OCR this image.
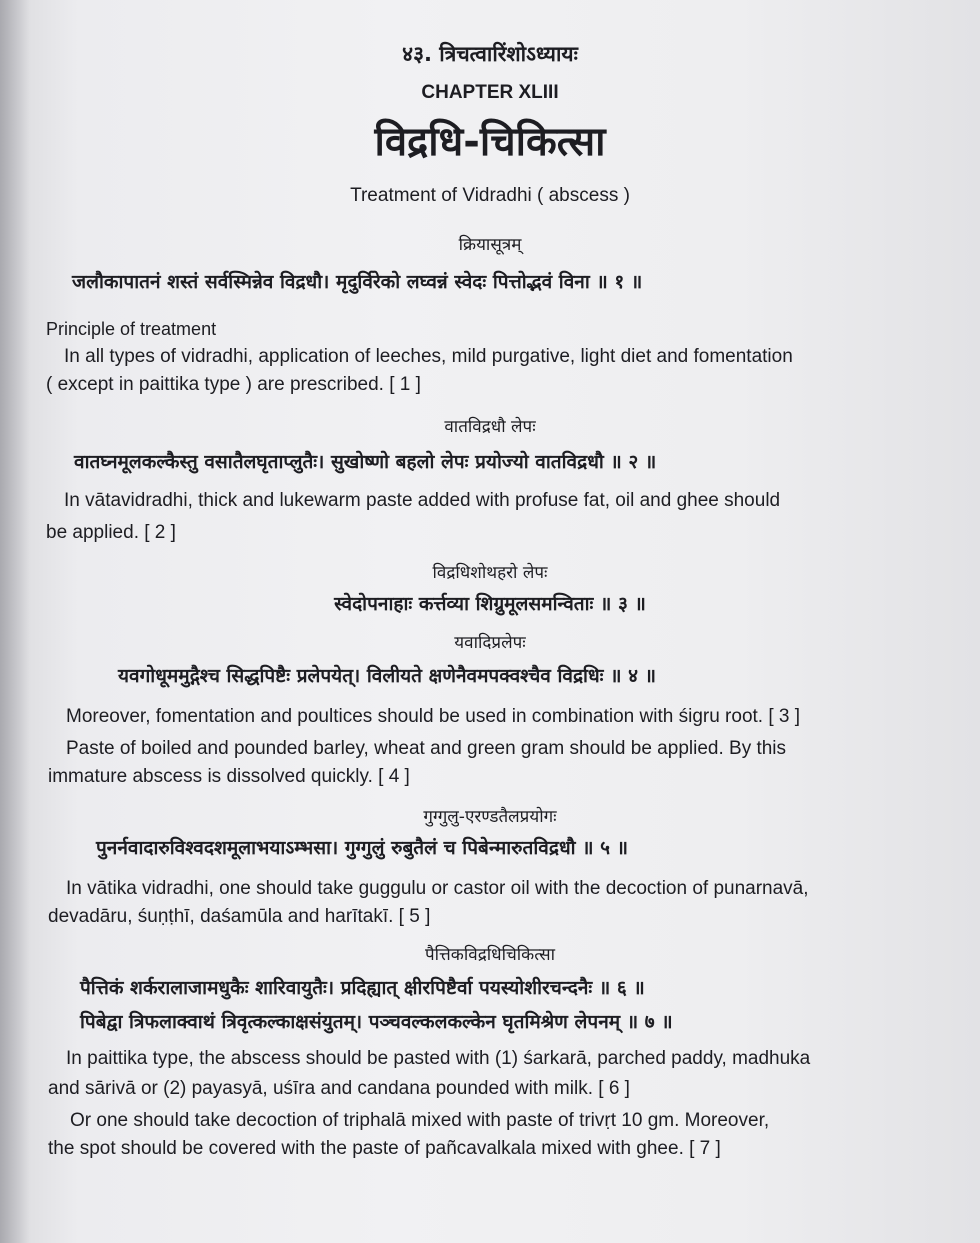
४३. त्रिचत्वारिंशोऽध्यायः
CHAPTER XLIII
विद्रधि-चिकित्सा
Treatment of Vidradhi ( abscess )
क्रियासूत्रम्
जलौकापातनं शस्तं सर्वस्मिन्नेव विद्रधौ। मृदुर्विरेको लघ्वन्नं स्वेदः पित्तोद्भवं विना ॥ १ ॥
Principle of treatment
In all types of vidradhi, application of leeches, mild purgative, light diet and fomentation
( except in paittika type ) are prescribed. [ 1 ]
वातविद्रधौ लेपः
वातघ्नमूलकल्कैस्तु वसातैलघृताप्लुतैः। सुखोष्णो बहलो लेपः प्रयोज्यो वातविद्रधौ ॥ २ ॥
In vātavidradhi, thick and lukewarm paste added with profuse fat, oil and ghee should
be applied. [ 2 ]
विद्रधिशोथहरो लेपः
स्वेदोपनाहाः कर्त्तव्या शिग्रुमूलसमन्विताः ॥ ३ ॥
यवादिप्रलेपः
यवगोधूममुद्गैश्च सिद्धपिष्टैः प्रलेपयेत्। विलीयते क्षणेनैवमपक्वश्चैव विद्रधिः ॥ ४ ॥
Moreover, fomentation and poultices should be used in combination with śigru root. [ 3 ]
Paste of boiled and pounded barley, wheat and green gram should be applied. By this
immature abscess is dissolved quickly. [ 4 ]
गुग्गुलु-एरण्डतैलप्रयोगः
पुनर्नवादारुविश्वदशमूलाभयाऽम्भसा। गुग्गुलुं रुबुतैलं च पिबेन्मारुतविद्रधौ ॥ ५ ॥
In vātika vidradhi, one should take guggulu or castor oil with the decoction of punarnavā,
devadāru, śuṇṭhī, daśamūla and harītakī. [ 5 ]
पैत्तिकविद्रधिचिकित्सा
पैत्तिकं शर्करालाजामधुकैः शारिवायुतैः। प्रदिह्यात् क्षीरपिष्टैर्वा पयस्योशीरचन्दनैः ॥ ६ ॥
पिबेद्वा त्रिफलाक्वाथं त्रिवृत्कल्काक्षसंयुतम्। पञ्चवल्कलकल्केन घृतमिश्रेण लेपनम् ॥ ७ ॥
In paittika type, the abscess should be pasted with (1) śarkarā, parched paddy, madhuka
and sārivā or (2) payasyā, uśīra and candana pounded with milk. [ 6 ]
Or one should take decoction of triphalā mixed with paste of trivṛt 10 gm. Moreover,
the spot should be covered with the paste of pañcavalkala mixed with ghee. [ 7 ]
